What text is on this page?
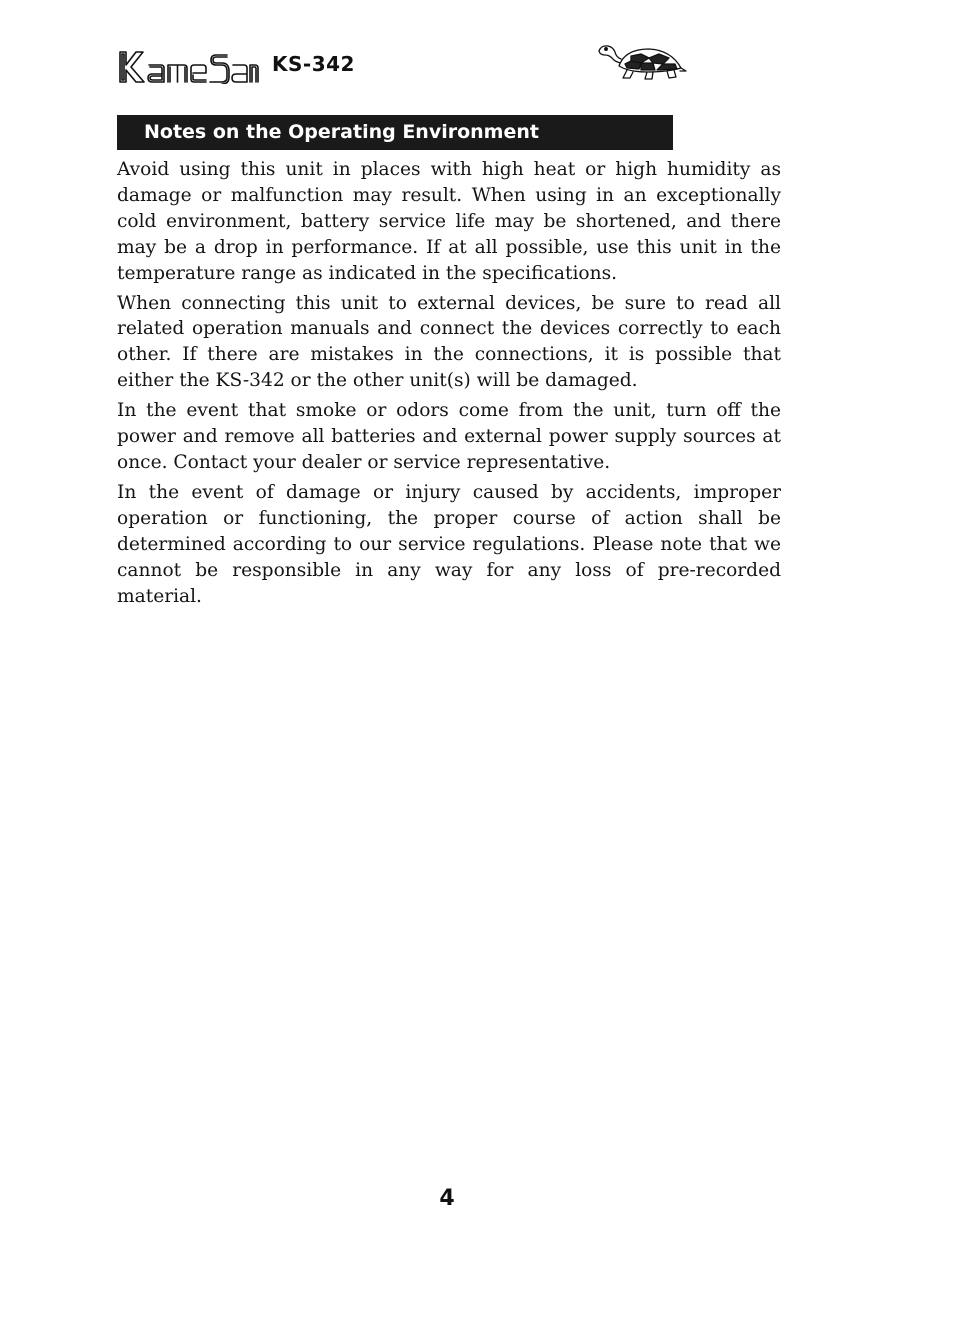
KS-342
Notes on the Operating Environment

Avoid using this unit in places with high heat or high humidity as damage or malfunction may result. When using in an exceptionally cold environment, battery service life may be shortened, and there may be a drop in performance. If at all possible, use this unit in the temperature range as indicated in the specifications.

When connecting this unit to external devices, be sure to read all related operation manuals and connect the devices correctly to each other. If there are mistakes in the connections, it is possible that either the KS-342 or the other unit(s) will be damaged.

In the event that smoke or odors come from the unit, turn off the power and remove all batteries and external power supply sources at once. Contact your dealer or service representative.

In the event of damage or injury caused by accidents, improper operation or functioning, the proper course of action shall be determined according to our service regulations. Please note that we cannot be responsible in any way for any loss of pre-recorded material.

4
